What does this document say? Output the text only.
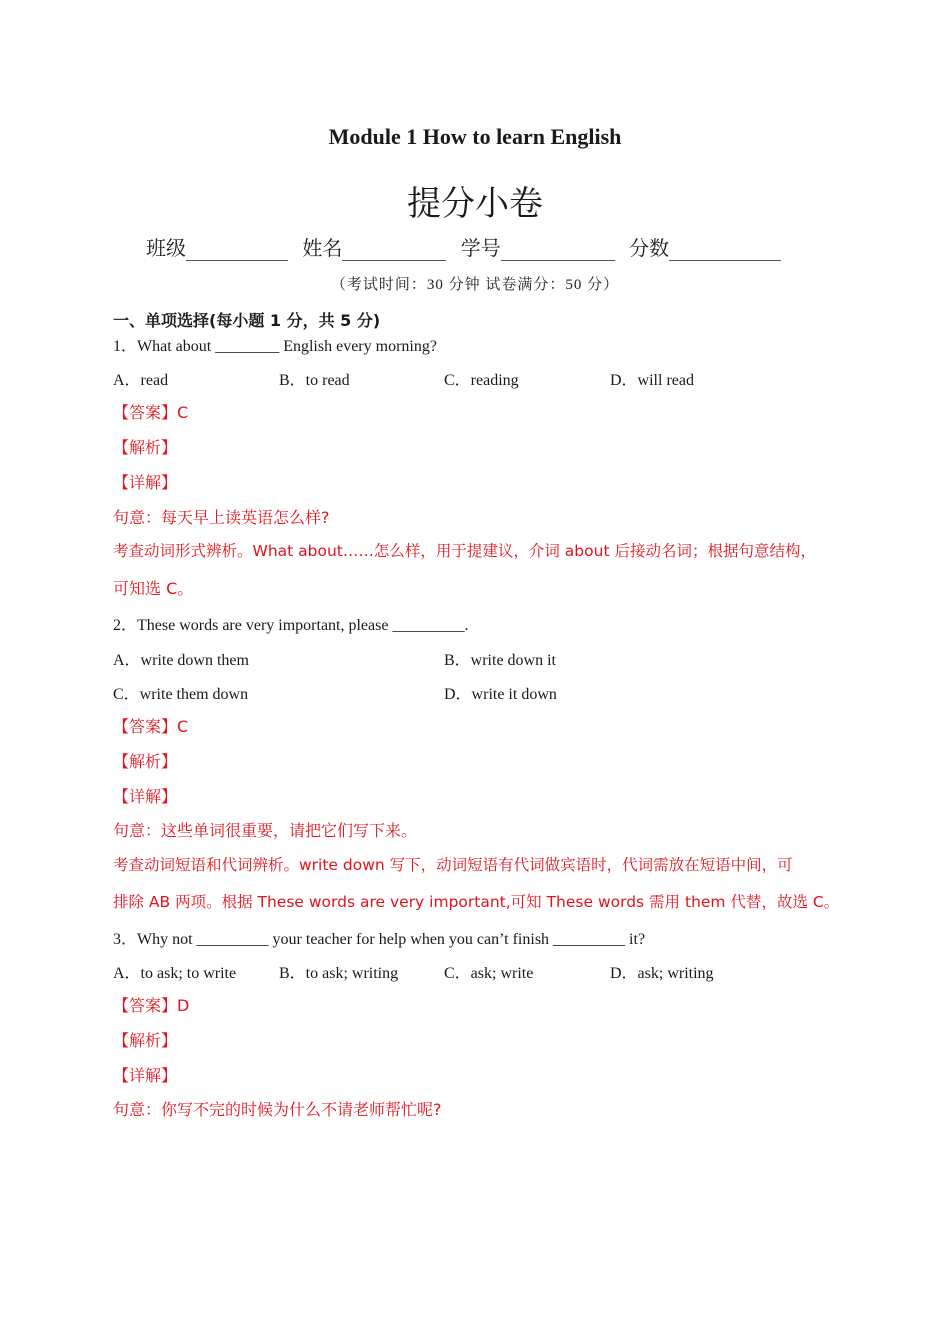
Module 1 How to learn English
提分小卷
班级	姓名	学号	分数
（考试时间：30 分钟 试卷满分：50 分）
一、单项选择(每小题 1 分，共 5 分)
1．What about ________ English every morning?
A．read	B．to read	C．reading	D．will read
【答案】C
【解析】
【详解】
句意：每天早上读英语怎么样?
考查动词形式辨析。What about……怎么样，用于提建议，介词 about 后接动名词；根据句意结构，
可知选 C。
2．These words are very important, please _________.
A．write down them	B．write down it
C．write them down	D．write it down
【答案】C
【解析】
【详解】
句意：这些单词很重要，请把它们写下来。
考查动词短语和代词辨析。write down 写下，动词短语有代词做宾语时，代词需放在短语中间，可
排除 AB 两项。根据 These words are very important,可知 These words 需用 them 代替，故选 C。
3．Why not _________ your teacher for help when you can’t finish _________ it?
A．to ask; to write	B．to ask; writing	C．ask; write	D．ask; writing
【答案】D
【解析】
【详解】
句意：你写不完的时候为什么不请老师帮忙呢?
